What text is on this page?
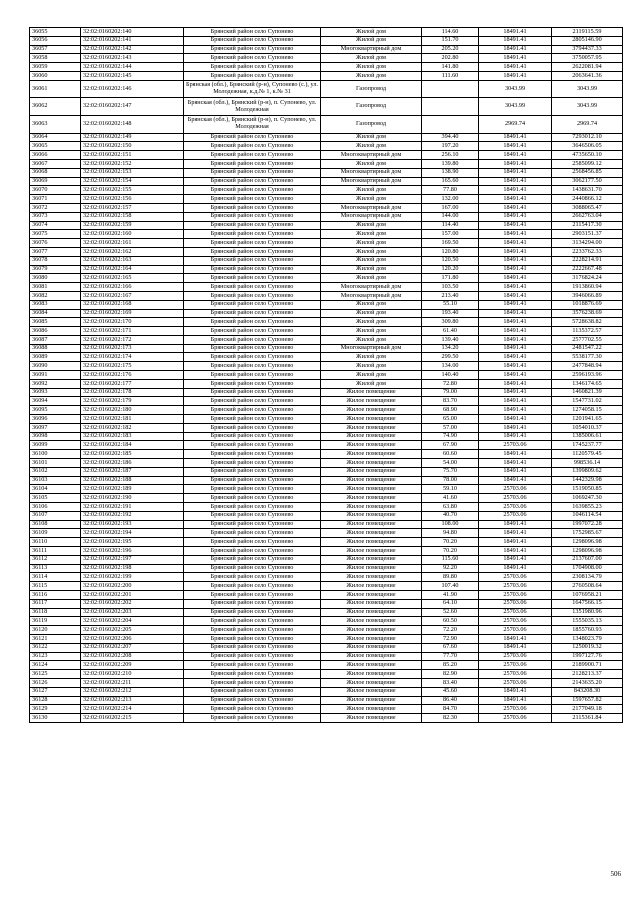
36055	32:02:0160202:140	Брянский район село Супонево	Жилой дом	114.60	18491.41	2119115.59
36056	32:02:0160202:141	Брянский район село Супонево	Жилой дом	151.70	18491.41	2805146.90
36057	32:02:0160202:142	Брянский район село Супонево	Многоквартирный дом	205.20	18491.41	3794437.33
36058	32:02:0160202:143	Брянский район село Супонево	Жилой дом	202.80	18491.41	3750057.95
36059	32:02:0160202:144	Брянский район село Супонево	Жилой дом	141.80	18491.41	2622081.94
36060	32:02:0160202:145	Брянский район село Супонево	Жилой дом	111.60	18491.41	2063641.36
36061	32:02:0160202:146	Брянская (обл.), Брянский (р-н), Супонево (с.), ул. Молодежная, к.д.№ 1, к.№ 31	Газопровод		3043.99	3043.99
36062	32:02:0160202:147	Брянская (обл.), Брянский (р-н), п. Супонево, ул. Молодежная	Газопровод		3043.99	3043.99
36063	32:02:0160202:148	Брянская (обл.), Брянский (р-н), п. Супонево, ул. Молодежная	Газопровод		2969.74	2969.74
36064	32:02:0160202:149	Брянский район село Супонево	Жилой дом	394.40	18491.41	7293012.10
36065	32:02:0160202:150	Брянский район село Супонево	Жилой дом	197.20	18491.41	3646506.05
36066	32:02:0160202:151	Брянский район село Супонево	Многоквартирный дом	256.10	18491.41	4735650.10
36067	32:02:0160202:152	Брянский район село Супонево	Жилой дом	139.80	18491.41	2585099.12
36068	32:02:0160202:153	Брянский район село Супонево	Многоквартирный дом	138.90	18491.41	2568456.85
36069	32:02:0160202:154	Брянский район село Супонево	Многоквартирный дом	165.60	18491.41	3062177.50
36070	32:02:0160202:155	Брянский район село Супонево	Жилой дом	77.80	18491.41	1438631.70
36071	32:02:0160202:156	Брянский район село Супонево	Жилой дом	132.00	18491.41	2440866.12
36072	32:02:0160202:157	Брянский район село Супонево	Многоквартирный дом	167.00	18491.41	3088065.47
36073	32:02:0160202:158	Брянский район село Супонево	Многоквартирный дом	144.00	18491.41	2662763.04
36074	32:02:0160202:159	Брянский район село Супонево	Жилой дом	114.40	18491.41	2115417.30
36075	32:02:0160202:160	Брянский район село Супонево	Жилой дом	157.00	18491.41	2903151.37
36076	32:02:0160202:161	Брянский район село Супонево	Жилой дом	169.50	18491.41	3134294.00
36077	32:02:0160202:162	Брянский район село Супонево	Жилой дом	120.80	18491.41	2233762.33
36078	32:02:0160202:163	Брянский район село Супонево	Жилой дом	120.50	18491.41	2228214.91
36079	32:02:0160202:164	Брянский район село Супонево	Жилой дом	120.20	18491.41	2222667.48
36080	32:02:0160202:165	Брянский район село Супонево	Жилой дом	171.80	18491.41	3176824.24
36081	32:02:0160202:166	Брянский район село Супонево	Многоквартирный дом	103.50	18491.41	1913860.94
36082	32:02:0160202:167	Брянский район село Супонево	Многоквартирный дом	213.40	18491.41	3946066.89
36083	32:02:0160202:168	Брянский район село Супонево	Жилой дом	55.10	18491.41	1018876.69
36084	32:02:0160202:169	Брянский район село Супонево	Жилой дом	193.40	18491.41	3576238.69
36085	32:02:0160202:170	Брянский район село Супонево	Жилой дом	309.80	18491.41	5728638.82
36086	32:02:0160202:171	Брянский район село Супонево	Жилой дом	61.40	18491.41	1135372.57
36087	32:02:0160202:172	Брянский район село Супонево	Жилой дом	139.40	18491.41	2577702.55
36088	32:02:0160202:173	Брянский район село Супонево	Многоквартирный дом	134.20	18491.41	2481547.22
36089	32:02:0160202:174	Брянский район село Супонево	Жилой дом	299.50	18491.41	5538177.30
36090	32:02:0160202:175	Брянский район село Супонево	Жилой дом	134.00	18491.41	2477848.94
36091	32:02:0160202:176	Брянский район село Супонево	Жилой дом	140.40	18491.41	2596193.96
36092	32:02:0160202:177	Брянский район село Супонево	Жилой дом	72.80	18491.41	1346174.65
36093	32:02:0160202:178	Брянский район село Супонево	Жилое помещение	79.00	18491.41	1460821.39
36094	32:02:0160202:179	Брянский район село Супонево	Жилое помещение	83.70	18491.41	1547731.02
36095	32:02:0160202:180	Брянский район село Супонево	Жилое помещение	68.90	18491.41	1274058.15
36096	32:02:0160202:181	Брянский район село Супонево	Жилое помещение	65.00	18491.41	1201941.65
36097	32:02:0160202:182	Брянский район село Супонево	Жилое помещение	57.00	18491.41	1054010.37
36098	32:02:0160202:183	Брянский район село Супонево	Жилое помещение	74.90	18491.41	1385006.61
36099	32:02:0160202:184	Брянский район село Супонево	Жилое помещение	67.90	25703.06	1745237.77
36100	32:02:0160202:185	Брянский район село Супонево	Жилое помещение	60.60	18491.41	1120579.45
36101	32:02:0160202:186	Брянский район село Супонево	Жилое помещение	54.00	18491.41	998536.14
36102	32:02:0160202:187	Брянский район село Супонево	Жилое помещение	75.70	18491.41	1399809.62
36103	32:02:0160202:188	Брянский район село Супонево	Жилое помещение	78.00	18491.41	1442329.98
36104	32:02:0160202:189	Брянский район село Супонево	Жилое помещение	59.10	25703.06	1519050.85
36105	32:02:0160202:190	Брянский район село Супонево	Жилое помещение	41.60	25703.06	1069247.30
36106	32:02:0160202:191	Брянский район село Супонево	Жилое помещение	63.80	25703.06	1639855.23
36107	32:02:0160202:192	Брянский район село Супонево	Жилое помещение	40.70	25703.06	1046114.54
36108	32:02:0160202:193	Брянский район село Супонево	Жилое помещение	108.00	18491.41	1997072.28
36109	32:02:0160202:194	Брянский район село Супонево	Жилое помещение	94.80	18491.41	1752985.67
36110	32:02:0160202:195	Брянский район село Супонево	Жилое помещение	70.20	18491.41	1298096.98
36111	32:02:0160202:196	Брянский район село Супонево	Жилое помещение	70.20	18491.41	1298096.98
36112	32:02:0160202:197	Брянский район село Супонево	Жилое помещение	115.60	18491.41	2137607.00
36113	32:02:0160202:198	Брянский район село Супонево	Жилое помещение	92.20	18491.41	1704908.00
36114	32:02:0160202:199	Брянский район село Супонево	Жилое помещение	89.80	25703.06	2308134.79
36115	32:02:0160202:200	Брянский район село Супонево	Жилое помещение	107.40	25703.06	2760508.64
36116	32:02:0160202:201	Брянский район село Супонево	Жилое помещение	41.90	25703.06	1076958.21
36117	32:02:0160202:202	Брянский район село Супонево	Жилое помещение	64.10	25703.06	1647566.15
36118	32:02:0160202:203	Брянский район село Супонево	Жилое помещение	52.60	25703.06	1351980.96
36119	32:02:0160202:204	Брянский район село Супонево	Жилое помещение	60.50	25703.06	1555035.13
36120	32:02:0160202:205	Брянский район село Супонево	Жилое помещение	72.20	25703.06	1855760.93
36121	32:02:0160202:206	Брянский район село Супонево	Жилое помещение	72.90	18491.41	1348023.79
36122	32:02:0160202:207	Брянский район село Супонево	Жилое помещение	67.60	18491.41	1250019.32
36123	32:02:0160202:208	Брянский район село Супонево	Жилое помещение	77.70	25703.06	1997127.76
36124	32:02:0160202:209	Брянский район село Супонево	Жилое помещение	85.20	25703.06	2189900.71
36125	32:02:0160202:210	Брянский район село Супонево	Жилое помещение	82.90	25703.06	2128213.37
36126	32:02:0160202:211	Брянский район село Супонево	Жилое помещение	83.40	25703.06	2143635.20
36127	32:02:0160202:212	Брянский район село Супонево	Жилое помещение	45.60	18491.41	843208.30
36128	32:02:0160202:213	Брянский район село Супонево	Жилое помещение	86.40	18491.41	1597657.82
36129	32:02:0160202:214	Брянский район село Супонево	Жилое помещение	84.70	25703.06	2177049.18
36130	32:02:0160202:215	Брянский район село Супонево	Жилое помещение	82.30	25703.06	2115361.84
506
